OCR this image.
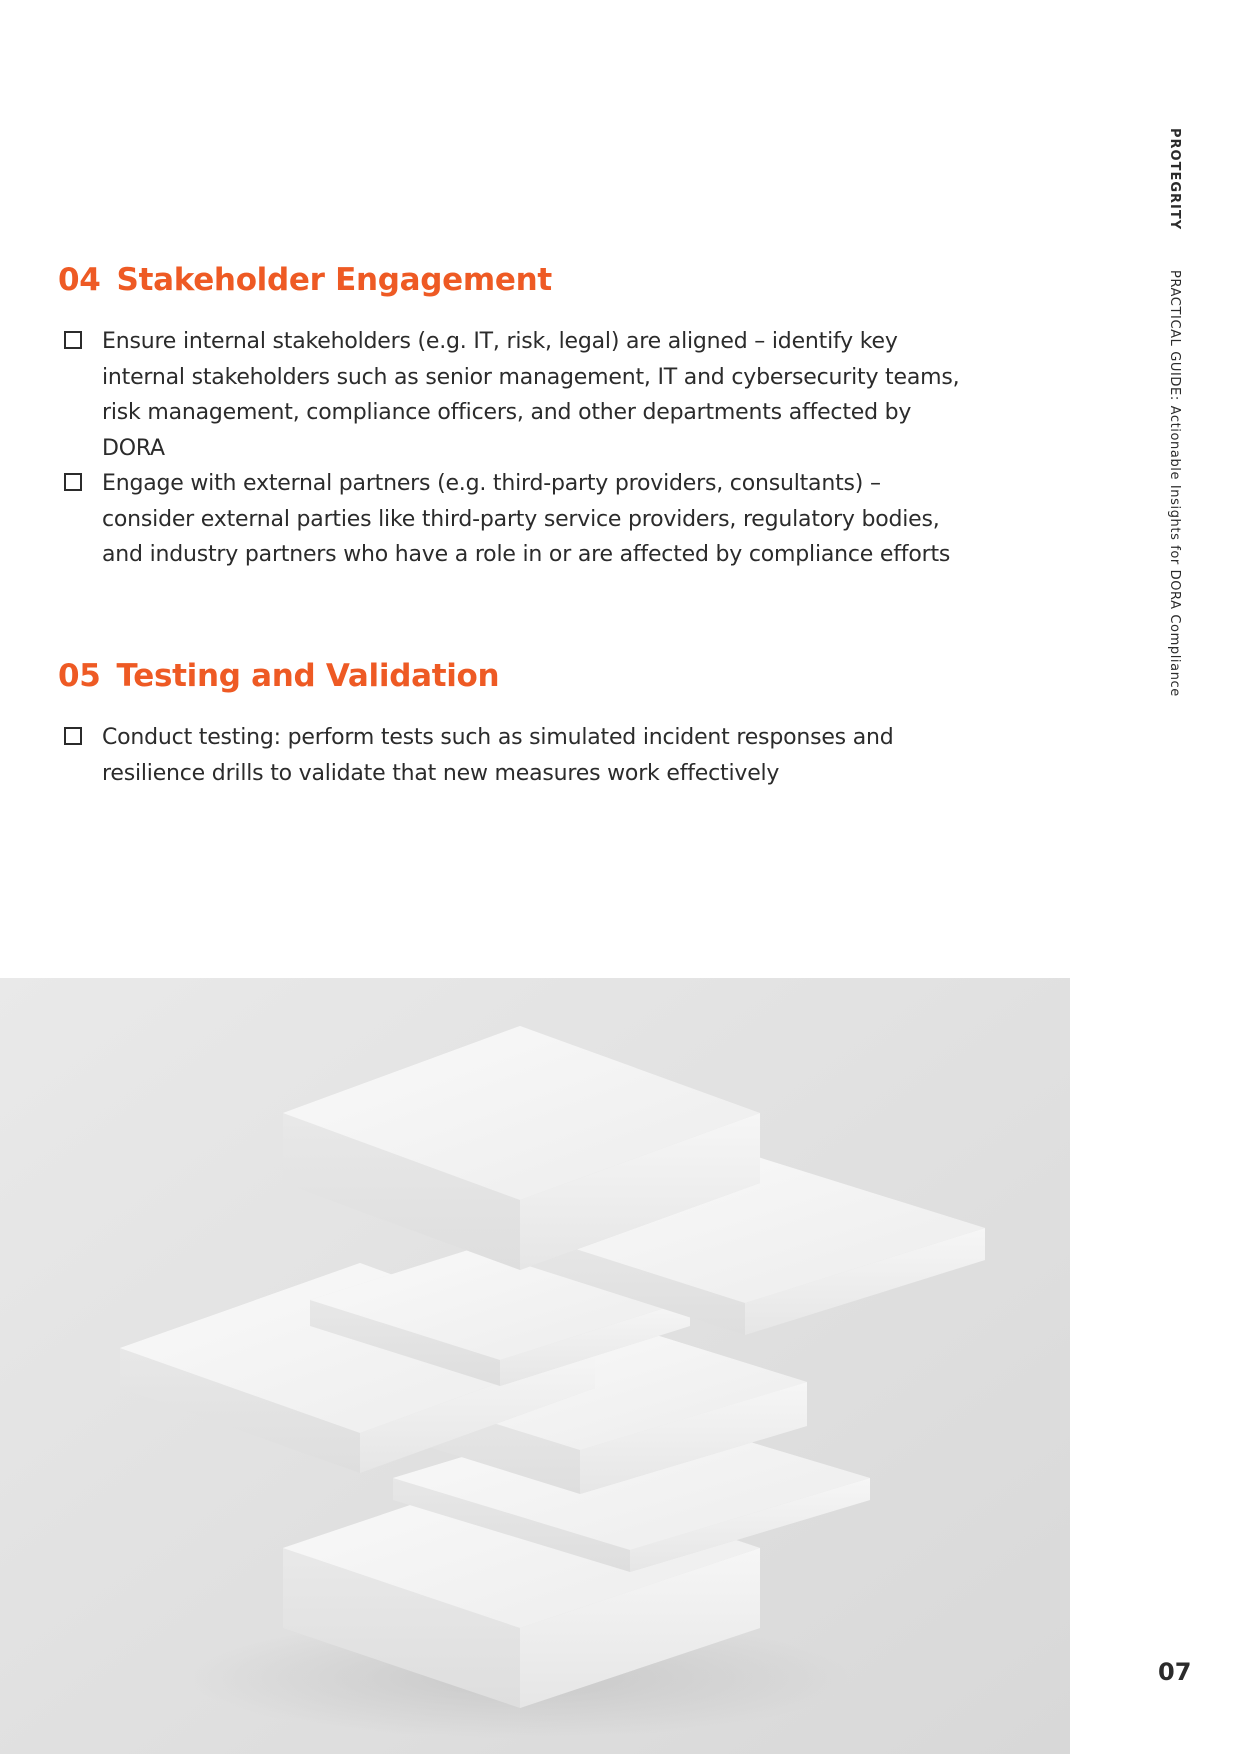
04 Stakeholder Engagement
Ensure internal stakeholders (e.g. IT, risk, legal) are aligned – identify key internal stakeholders such as senior management, IT and cybersecurity teams, risk management, compliance officers, and other departments affected by DORA
Engage with external partners (e.g. third-party providers, consultants) – consider external parties like third-party service providers, regulatory bodies, and industry partners who have a role in or are affected by compliance efforts
05 Testing and Validation
Conduct testing: perform tests such as simulated incident responses and resilience drills to validate that new measures work effectively
PROTEGRITY
PRACTICAL GUIDE: Actionable Insights for DORA Compliance
07
